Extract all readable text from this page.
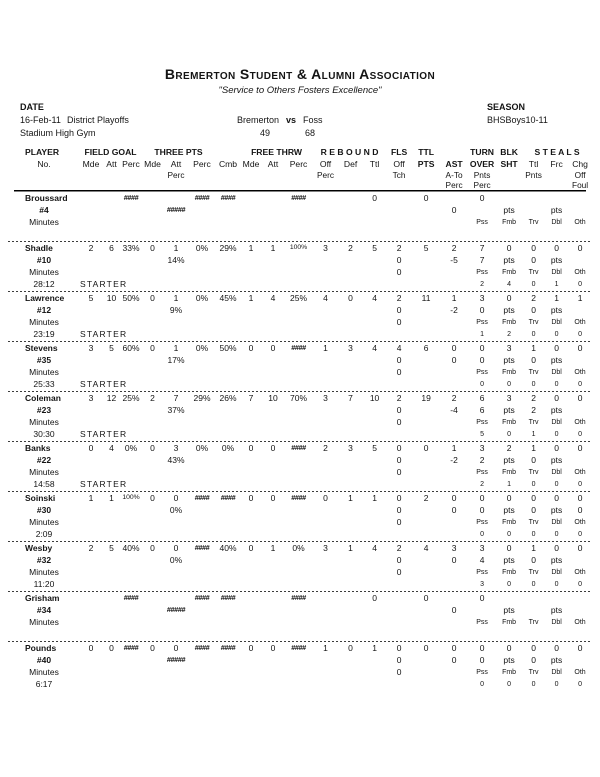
Bremerton Student & Alumni Association
"Service to Others Fosters Excellence"
DATE	SEASON
16-Feb-11 District Playoffs	Bremerton vs Foss	BHSBoys10-11
Stadium High Gym	49	68
PLAYER	FIELD GOAL			THREE PTS				FREE THRW			R E B O U N D			FLS	TTL		TURN	BLK	S T E A L S		
No.	Mde	Att	Perc	Mde	Att	Perc	Cmb	Mde	Att	Perc	Off	Def	Ttl	Off	PTS	AST	OVER	SHT	Ttl	Frc	Chg
					Perc						Perc			Tch		A-To	Pnts		Pnts		Off
																Perc	Perc				Foul

Broussard			####			####	####			####			0		0		0				
#4					#####											0		pts		pts	
Minutes																	Pss	Fmb	Trv	Dbl	Oth

Shadle	2	6	33%	0	1	0%	29%	1	1	100%	3	2	5	2	5	2	7	0	0	0	0
#10					14%									0		-5	7	pts	0	pts	
Minutes														0			Pss	Fmb	Trv	Dbl	Oth
28:12	STARTER																2	4	0	1	0

Lawrence	5	10	50%	0	1	0%	45%	1	4	25%	4	0	4	2	11	1	3	0	2	1	1
#12					9%									0		-2	0	pts	0	pts	
Minutes														0			Pss	Fmb	Trv	Dbl	Oth
23:19	STARTER																1	2	0	0	0

Stevens	3	5	60%	0	1	0%	50%	0	0	####	1	3	4	4	6	0	0	3	1	0	0
#35					17%									0		0	0	pts	0	pts	
Minutes														0			Pss	Fmb	Trv	Dbl	Oth
25:33	STARTER																0	0	0	0	0

Coleman	3	12	25%	2	7	29%	26%	7	10	70%	3	7	10	2	19	2	6	3	2	0	0
#23					37%									0		-4	6	pts	2	pts	
Minutes														0			Pss	Fmb	Trv	Dbl	Oth
30:30	STARTER																5	0	1	0	0

Banks	0	4	0%	0	3	0%	0%	0	0	####	2	3	5	0	0	1	3	2	1	0	0
#22					43%									0		-2	2	pts	0	pts	
Minutes														0			Pss	Fmb	Trv	Dbl	Oth
14:58	STARTER																2	1	0	0	0

Soinski	1	1	100%	0	0	####	####	0	0	####	0	1	1	0	2	0	0	0	0	0	0
#30					0%									0		0	0	pts	0	pts	0
Minutes														0			Pss	Fmb	Trv	Dbl	Oth
2:09																	0	0	0	0	0

Wesby	2	5	40%	0	0	####	40%	0	1	0%	3	1	4	2	4	3	3	0	1	0	0
#32					0%									0		0	4	pts	0	pts	
Minutes														0			Pss	Fmb	Trv	Dbl	Oth
11:20																	3	0	0	0	0

Grisham			####			####	####			####			0		0		0				
#34					#####											0		pts		pts	
Minutes																	Pss	Fmb	Trv	Dbl	Oth

Pounds	0	0	####	0	0	####	####	0	0	####	1	0	1	0	0	0	0	0	0	0	0
#40					#####									0		0	0	pts	0	pts	
Minutes														0			Pss	Fmb	Trv	Dbl	Oth
6:17																	0	0	0	0	0
